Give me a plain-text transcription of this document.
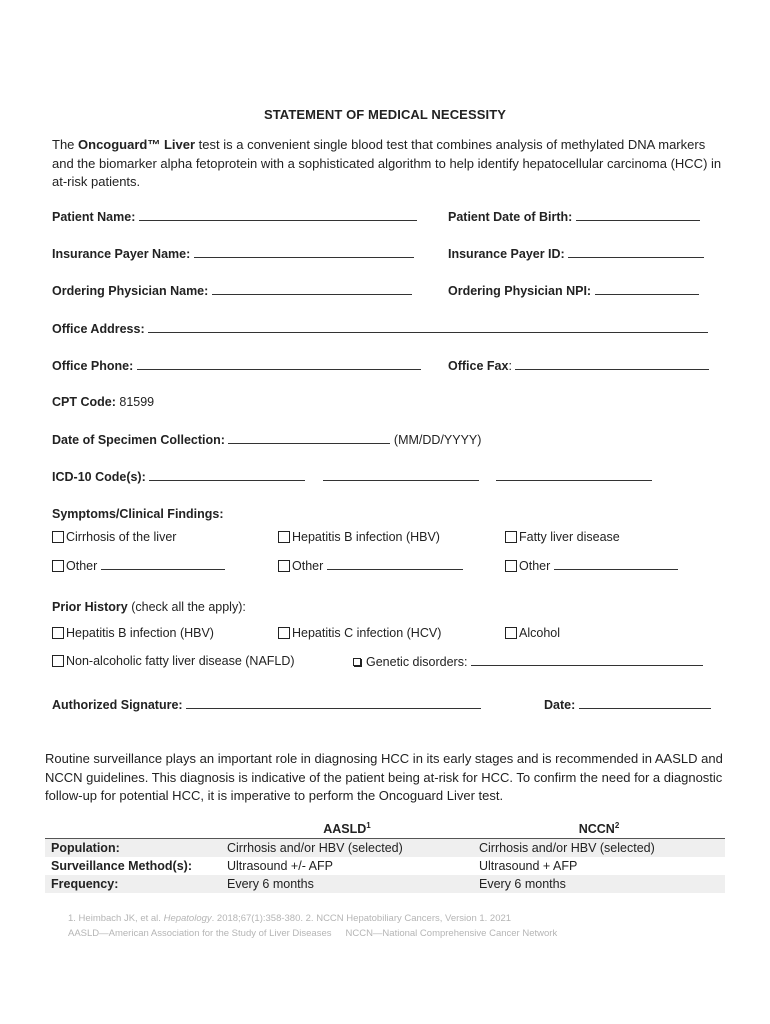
STATEMENT OF MEDICAL NECESSITY
The Oncoguard™ Liver test is a convenient single blood test that combines analysis of methylated DNA markers and the biomarker alpha fetoprotein with a sophisticated algorithm to help identify hepatocellular carcinoma (HCC) in at-risk patients.
Patient Name:	Patient Date of Birth:
Insurance Payer Name:	Insurance Payer ID:
Ordering Physician Name:	Ordering Physician NPI:
Office Address:
Office Phone:	Office Fax:
CPT Code: 81599
Date of Specimen Collection:	(MM/DD/YYYY)
ICD-10 Code(s):
Symptoms/Clinical Findings:
Cirrhosis of the liver	Hepatitis B infection (HBV)	Fatty liver disease
Other	Other	Other
Prior History (check all the apply):
Hepatitis B infection (HBV)	Hepatitis C infection (HCV)	Alcohol
Non-alcoholic fatty liver disease (NAFLD)	Genetic disorders:
Authorized Signature:	Date:
Routine surveillance plays an important role in diagnosing HCC in its early stages and is recommended in AASLD and NCCN guidelines. This diagnosis is indicative of the patient being at-risk for HCC. To confirm the need for a diagnostic follow-up for potential HCC, it is imperative to perform the Oncoguard Liver test.
	AASLD$^1$	NCCN$^2$
Population:	Cirrhosis and/or HBV (selected)	Cirrhosis and/or HBV (selected)
Surveillance Method(s):	Ultrasound +/- AFP	Ultrasound + AFP
Frequency:	Every 6 months	Every 6 months
1. Heimbach JK, et al. Hepatology. 2018;67(1):358-380. 2. NCCN Hepatobiliary Cancers, Version 1. 2021
AASLD—American Association for the Study of Liver Diseases NCCN—National Comprehensive Cancer Network
